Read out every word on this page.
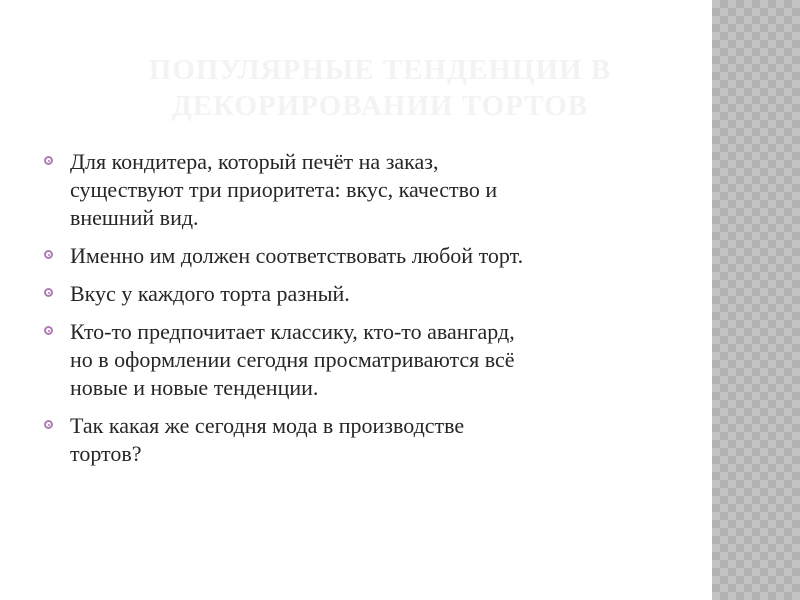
ПОПУЛЯРНЫЕ ТЕНДЕНЦИИ В
ДЕКОРИРОВАНИИ ТОРТОВ
Для кондитера, который печёт на заказ,
существуют три приоритета: вкус, качество и
внешний вид.
Именно им должен соответствовать любой торт.
Вкус у каждого торта разный.
Кто-то предпочитает классику, кто-то авангард,
но в оформлении сегодня просматриваются всё
новые и новые тенденции.
Так какая же сегодня мода в производстве
тортов?
